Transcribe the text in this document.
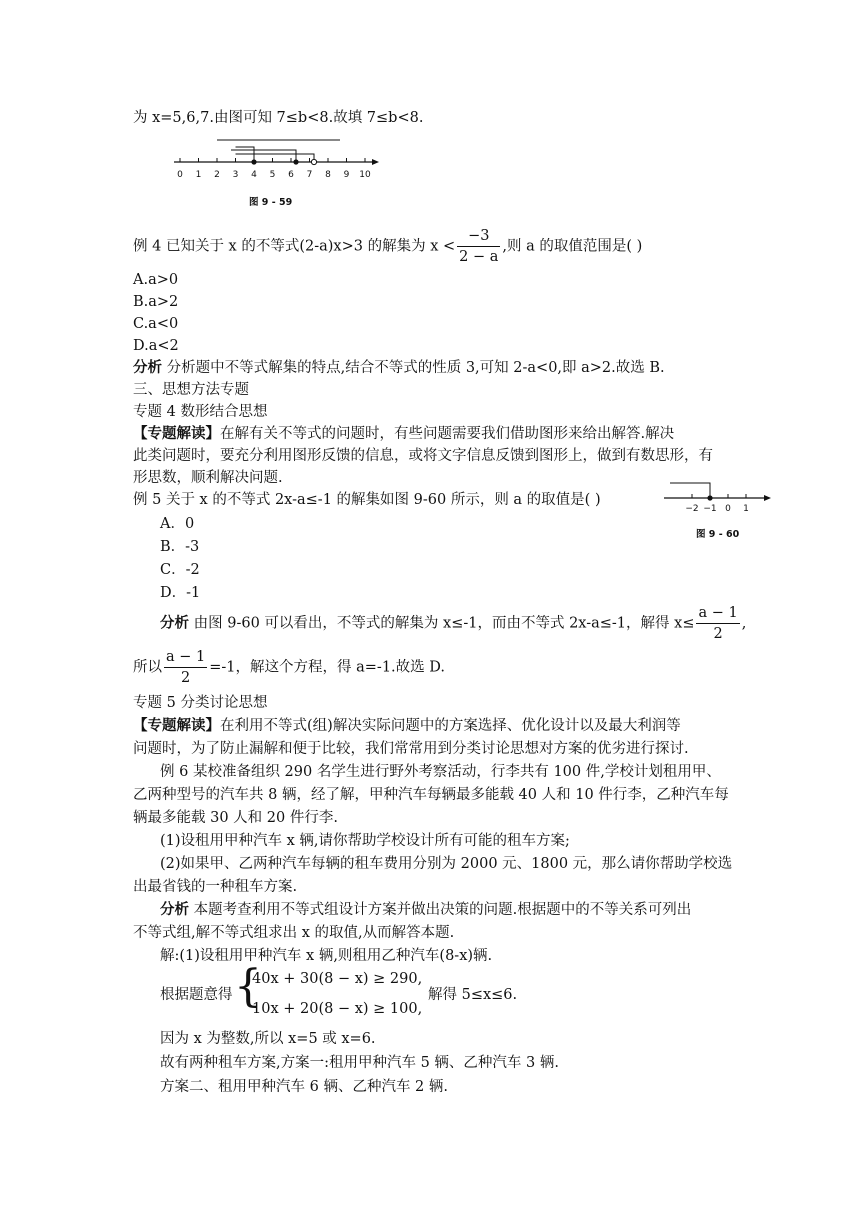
为 x=5,6,7.由图可知 7≤b<8.故填 7≤b<8.
0 1 2 3 4 5 6 7 8 9 10
图 9 - 59
例 4 已知关于 x 的不等式(2-a)x>3 的解集为 $x < \frac{-3}{2 - a}$ ,则 a 的取值范围是( )
A.a>0
B.a>2
C.a<0
D.a<2
分析 分析题中不等式解集的特点,结合不等式的性质 3,可知 2-a<0,即 a>2.故选 B.
三、思想方法专题
专题 4 数形结合思想
【专题解读】在解有关不等式的问题时，有些问题需要我们借助图形来给出解答.解决
此类问题时，要充分利用图形反馈的信息，或将文字信息反馈到图形上，做到有数思形，有
形思数，顺利解决问题.
例 5 关于 x 的不等式 2x-a≤-1 的解集如图 9-60 所示，则 a 的取值是( )
−2 −1 0 1
图 9 - 60
A．0
B．-3
C．-2
D．-1
分析 由图 9-60 可以看出，不等式的解集为 x≤-1，而由不等式 2x-a≤-1，解得 $x\le \frac{a - 1}{2}$ ,
所以 $\frac{a - 1}{2} =-1$，解这个方程，得 a=-1.故选 D.
专题 5 分类讨论思想
【专题解读】在利用不等式(组)解决实际问题中的方案选择、优化设计以及最大利润等
问题时，为了防止漏解和便于比较，我们常常用到分类讨论思想对方案的优劣进行探讨.
例 6 某校准备组织 290 名学生进行野外考察活动，行李共有 100 件,学校计划租用甲、
乙两种型号的汽车共 8 辆，经了解，甲种汽车每辆最多能载 40 人和 10 件行李，乙种汽车每
辆最多能载 30 人和 20 件行李.
(1)设租用甲种汽车 x 辆,请你帮助学校设计所有可能的租车方案;
(2)如果甲、乙两种汽车每辆的租车费用分别为 2000 元、1800 元，那么请你帮助学校选
出最省钱的一种租车方案.
分析 本题考查利用不等式组设计方案并做出决策的问题.根据题中的不等关系可列出
不等式组,解不等式组求出 x 的取值,从而解答本题.
解:(1)设租用甲种汽车 x 辆,则租用乙种汽车(8-x)辆.
根据题意得 {
40x + 30(8 − x) ≥ 290,
10x + 20(8 − x) ≥ 100,
解得 5≤x≤6.
因为 x 为整数,所以 x=5 或 x=6.
故有两种租车方案,方案一:租用甲种汽车 5 辆、乙种汽车 3 辆.
方案二、租用甲种汽车 6 辆、乙种汽车 2 辆.
